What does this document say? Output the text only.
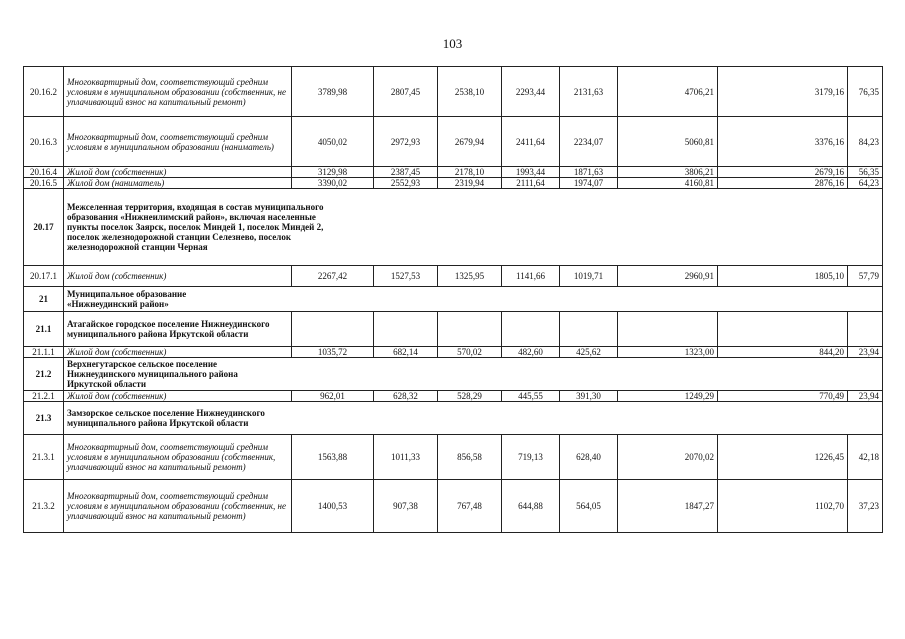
103
20.16.2	Многоквартирный дом, соответствующий средним условиям в муниципальном образовании (собственник, не уплачивающий взнос на капитальный ремонт)	3789,98	2807,45	2538,10	2293,44	2131,63	4706,21	3179,16	76,35
20.16.3	Многоквартирный дом, соответствующий средним условиям в муниципальном образовании (наниматель)	4050,02	2972,93	2679,94	2411,64	2234,07	5060,81	3376,16	84,23
20.16.4	Жилой дом (собственник)	3129,98	2387,45	2178,10	1993,44	1871,63	3806,21	2679,16	56,35
20.16.5	Жилой дом (наниматель)	3390,02	2552,93	2319,94	2111,64	1974,07	4160,81	2876,16	64,23
20.17	Межселенная территория, входящая в состав муниципального образования «Нижнеилимский район», включая населенные пункты поселок Заярск, поселок Миндей 1, поселок Миндей 2, поселок железнодорожной станции Селезнево, поселок железнодорожной станции Черная								

20.17.1	Жилой дом (собственник)	2267,42	1527,53	1325,95	1141,66	1019,71	2960,91	1805,10	57,79
21	Муниципальное образование «Нижнеудинский район»								

21.1	Атагайское городское поселение Нижнеудинского муниципального района Иркутской области								
21.1.1	Жилой дом (собственник)	1035,72	682,14	570,02	482,60	425,62	1323,00	844,20	23,94
21.2	Верхнегутарское сельское поселение Нижнеудинского муниципального района Иркутской области								

21.2.1	Жилой дом (собственник)	962,01	628,32	528,29	445,55	391,30	1249,29	770,49	23,94
21.3	Замзорское сельское поселение Нижнеудинского муниципального района Иркутской области								

21.3.1	Многоквартирный дом, соответствующий средним условиям в муниципальном образовании (собственник, уплачивающий взнос на капитальный ремонт)	1563,88	1011,33	856,58	719,13	628,40	2070,02	1226,45	42,18
21.3.2	Многоквартирный дом, соответствующий средним условиям в муниципальном образовании (собственник, не уплачивающий взнос на капитальный ремонт)	1400,53	907,38	767,48	644,88	564,05	1847,27	1102,70	37,23
